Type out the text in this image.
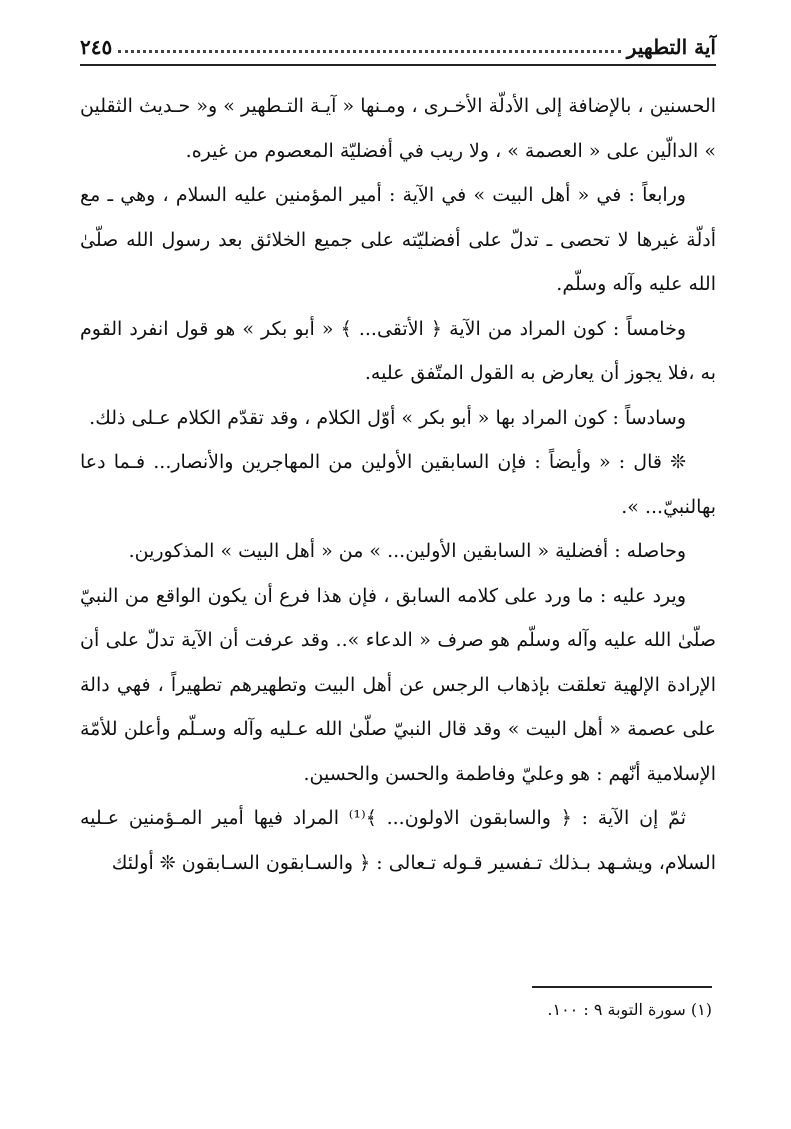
آية التطهير
٢٤٥

الحسنين ، بالإضافة إلى الأدلّة الأخـرى ، ومـنها « آيـة التـطهير » و« حـديث الثقلين » الدالّين على « العصمة » ، ولا ريب في أفضليّة المعصوم من غيره.

ورابعاً : في « أهل البيت » في الآية : أمير المؤمنين عليه السلام ، وهي ـ مع أدلّة غيرها لا تحصى ـ تدلّ على أفضليّته على جميع الخلائق بعد رسول الله صلّىٰ الله عليه وآله وسلّم.

وخامساً : كون المراد من الآية ﴿ الأتقى... ﴾ « أبو بكر » هو قول انفرد القوم به ،فلا يجوز أن يعارض به القول المتّفق عليه.

وسادساً : كون المراد بها « أبو بكر » أوّل الكلام ، وقد تقدّم الكلام عـلى ذلك.

❊ قال : « وأيضاً : فإن السابقين الأولين من المهاجرين والأنصار... فـما دعا بهالنبيّ... ».

وحاصله : أفضلية « السابقين الأولين... » من « أهل البيت » المذكورين.

ويرد عليه : ما ورد على كلامه السابق ، فإن هذا فرع أن يكون الواقع من النبيّ صلّىٰ الله عليه وآله وسلّم هو صرف « الدعاء ».. وقد عرفت أن الآية تدلّ على أن الإرادة الإلهية تعلقت بإذهاب الرجس عن أهل البيت وتطهيرهم تطهيراً ، فهي دالة على عصمة « أهل البيت » وقد قال النبيّ صلّىٰ الله عـليه وآله وسـلّم وأعلن للأمّة الإسلامية أنّهم : هو وعليّ وفاطمة والحسن والحسين.

ثمّ إن الآية : ﴿ والسابقون الاولون... ﴾⁽¹⁾ المراد فيها أمير المـؤمنين عـليه السلام، ويشـهد بـذلك تـفسير قـوله تـعالى : ﴿ والسـابقون السـابقون ❊ أولئك

(١) سورة التوبة ٩ : ١٠٠.
